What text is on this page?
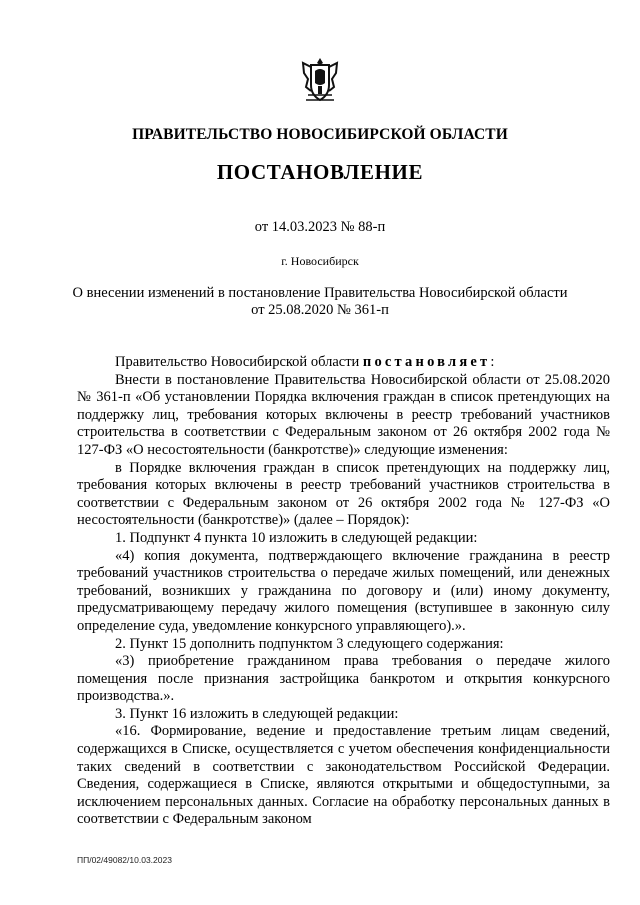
ПРАВИТЕЛЬСТВО НОВОСИБИРСКОЙ ОБЛАСТИ
ПОСТАНОВЛЕНИЕ
от 14.03.2023 № 88-п
г. Новосибирск
О внесении изменений в постановление Правительства Новосибирской области
от 25.08.2020 № 361-п

Правительство Новосибирской области постановляет:

Внести в постановление Правительства Новосибирской области от 25.08.2020 № 361-п «Об установлении Порядка включения граждан в список претендующих на поддержку лиц, требования которых включены в реестр требований участников строительства в соответствии с Федеральным законом от 26 октября 2002 года № 127-ФЗ «О несостоятельности (банкротстве)» следующие изменения:

в Порядке включения граждан в список претендующих на поддержку лиц, требования которых включены в реестр требований участников строительства в соответствии с Федеральным законом от 26 октября 2002 года № 127-ФЗ «О несостоятельности (банкротстве)» (далее – Порядок):

1. Подпункт 4 пункта 10 изложить в следующей редакции:

«4) копия документа, подтверждающего включение гражданина в реестр требований участников строительства о передаче жилых помещений, или денежных требований, возникших у гражданина по договору и (или) иному документу, предусматривающему передачу жилого помещения (вступившее в законную силу определение суда, уведомление конкурсного управляющего).».

2. Пункт 15 дополнить подпунктом 3 следующего содержания:

«3) приобретение гражданином права требования о передаче жилого помещения после признания застройщика банкротом и открытия конкурсного производства.».

3. Пункт 16 изложить в следующей редакции:

«16. Формирование, ведение и предоставление третьим лицам сведений, содержащихся в Списке, осуществляется с учетом обеспечения конфиденциальности таких сведений в соответствии с законодательством Российской Федерации. Сведения, содержащиеся в Списке, являются открытыми и общедоступными, за исключением персональных данных. Согласие на обработку персональных данных в соответствии с Федеральным законом

ПП/02/49082/10.03.2023
